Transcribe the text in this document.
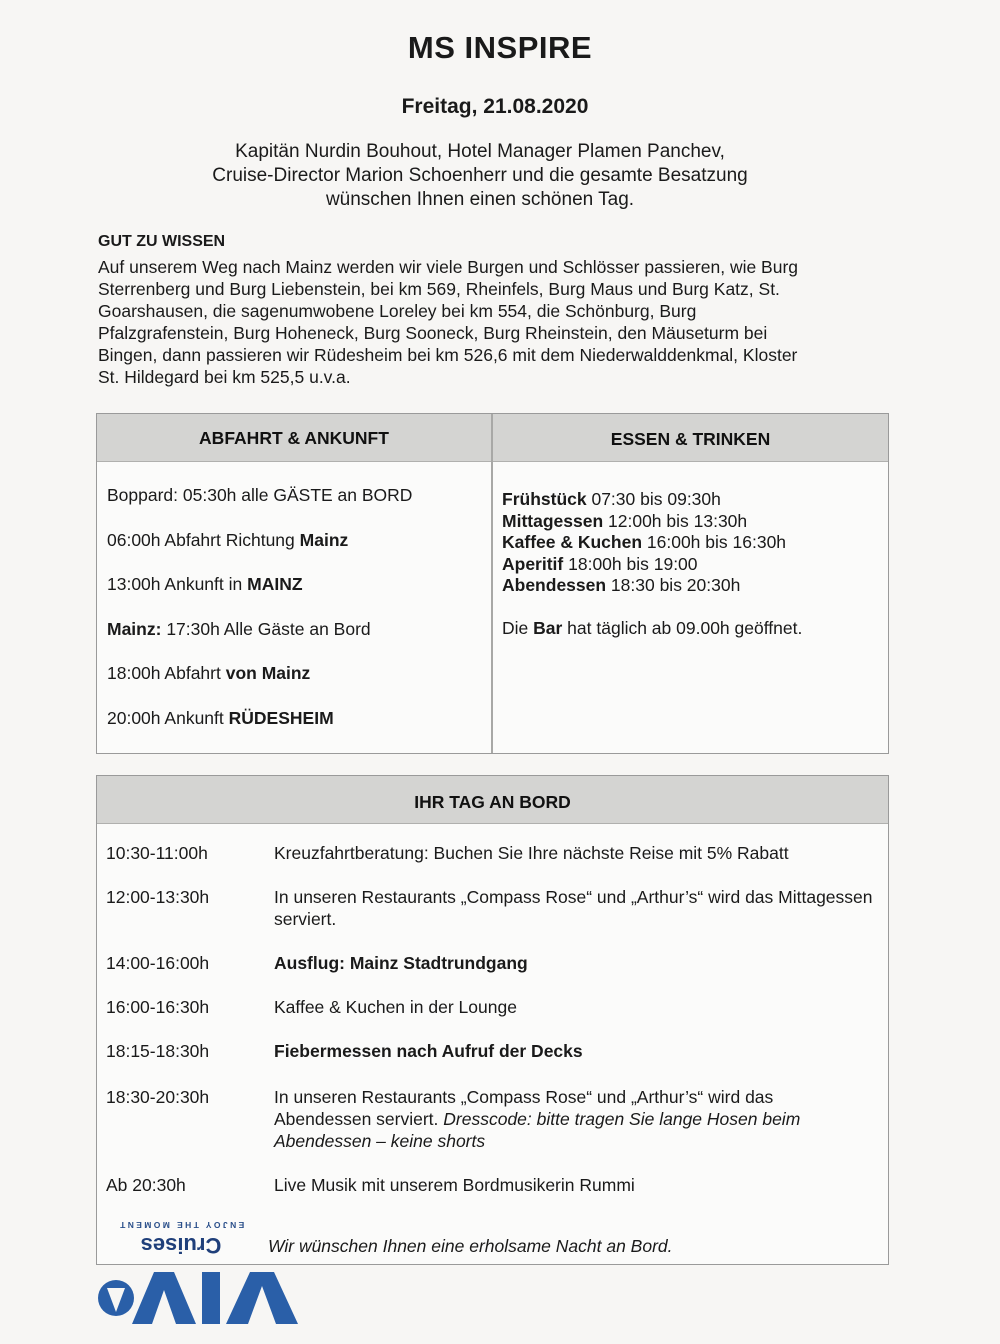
MS INSPIRE
Freitag, 21.08.2020
Kapitän Nurdin Bouhout, Hotel Manager Plamen Panchev,
Cruise-Director Marion Schoenherr und die gesamte Besatzung
wünschen Ihnen einen schönen Tag.
GUT ZU WISSEN
Auf unserem Weg nach Mainz werden wir viele Burgen und Schlösser passieren, wie Burg
Sterrenberg und Burg Liebenstein, bei km 569, Rheinfels, Burg Maus und Burg Katz, St.
Goarshausen, die sagenumwobene Loreley bei km 554, die Schönburg, Burg
Pfalzgrafenstein, Burg Hoheneck, Burg Sooneck, Burg Rheinstein, den Mäuseturm bei
Bingen, dann passieren wir Rüdesheim bei km 526,6 mit dem Niederwalddenkmal, Kloster
St. Hildegard bei km 525,5 u.v.a.
ABFAHRT & ANKUNFT	ESSEN & TRINKEN
Boppard: 05:30h alle GÄSTE an BORD
06:00h Abfahrt Richtung Mainz
13:00h Ankunft in MAINZ
Mainz: 17:30h Alle Gäste an Bord
18:00h Abfahrt von Mainz
20:00h Ankunft RÜDESHEIM
Frühstück 07:30 bis 09:30h
Mittagessen 12:00h bis 13:30h
Kaffee & Kuchen 16:00h bis 16:30h
Aperitif 18:00h bis 19:00
Abendessen 18:30 bis 20:30h
Die Bar hat täglich ab 09.00h geöffnet.
IHR TAG AN BORD
10:30-11:00h	Kreuzfahrtberatung: Buchen Sie Ihre nächste Reise mit 5% Rabatt
12:00-13:30h	In unseren Restaurants „Compass Rose“ und „Arthur’s“ wird das Mittagessen serviert.
14:00-16:00h	Ausflug: Mainz Stadtrundgang
16:00-16:30h	Kaffee & Kuchen in der Lounge
18:15-18:30h	Fiebermessen nach Aufruf der Decks
18:30-20:30h	In unseren Restaurants „Compass Rose“ und „Arthur’s“ wird das Abendessen serviert. Dresscode: bitte tragen Sie lange Hosen beim Abendessen – keine shorts
Ab 20:30h	Live Musik mit unserem Bordmusikerin Rummi
Wir wünschen Ihnen eine erholsame Nacht an Bord.
ENJOY THE MOMENT
Cruises
